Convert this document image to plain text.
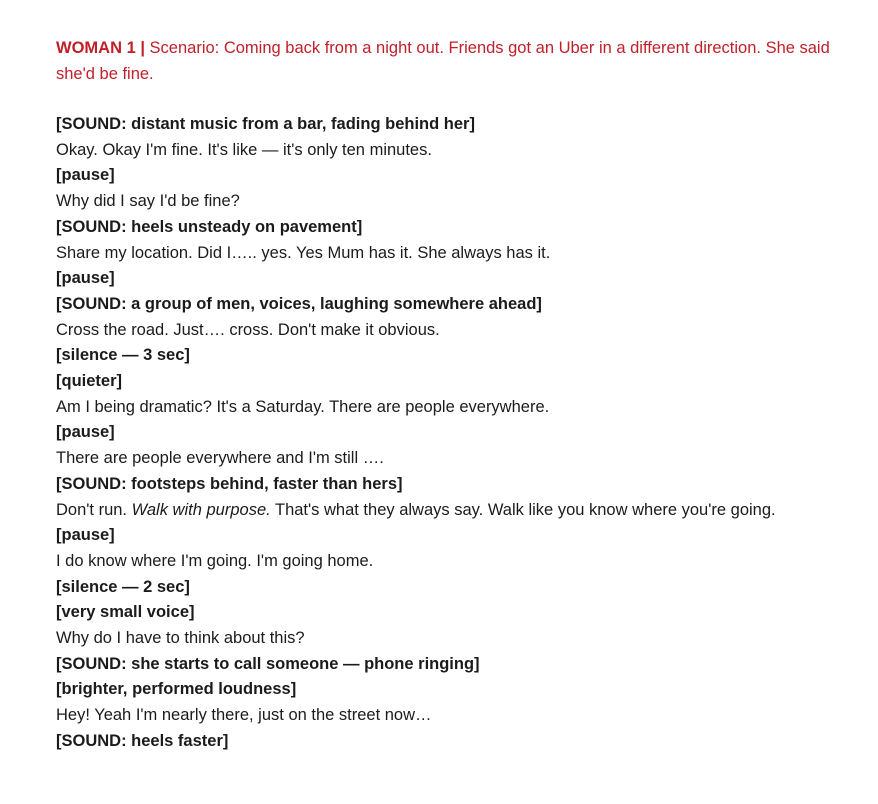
WOMAN 1 | Scenario: Coming back from a night out. Friends got an Uber in a different direction. She said she'd be fine.

[SOUND: distant music from a bar, fading behind her]

Okay. Okay I'm fine. It's like — it's only ten minutes.

[pause]

Why did I say I'd be fine?

[SOUND: heels unsteady on pavement]

Share my location. Did I….. yes. Yes Mum has it. She always has it.

[pause]

[SOUND: a group of men, voices, laughing somewhere ahead]

Cross the road. Just…. cross. Don't make it obvious.

[silence — 3 sec]

[quieter]

Am I being dramatic? It's a Saturday. There are people everywhere.

[pause]

There are people everywhere and I'm still ….

[SOUND: footsteps behind, faster than hers]

Don't run. Walk with purpose. That's what they always say. Walk like you know where you're going.

[pause]

I do know where I'm going. I'm going home.

[silence — 2 sec]

[very small voice]

Why do I have to think about this?

[SOUND: she starts to call someone — phone ringing]

[brighter, performed loudness]

Hey! Yeah I'm nearly there, just on the street now…

[SOUND: heels faster]
